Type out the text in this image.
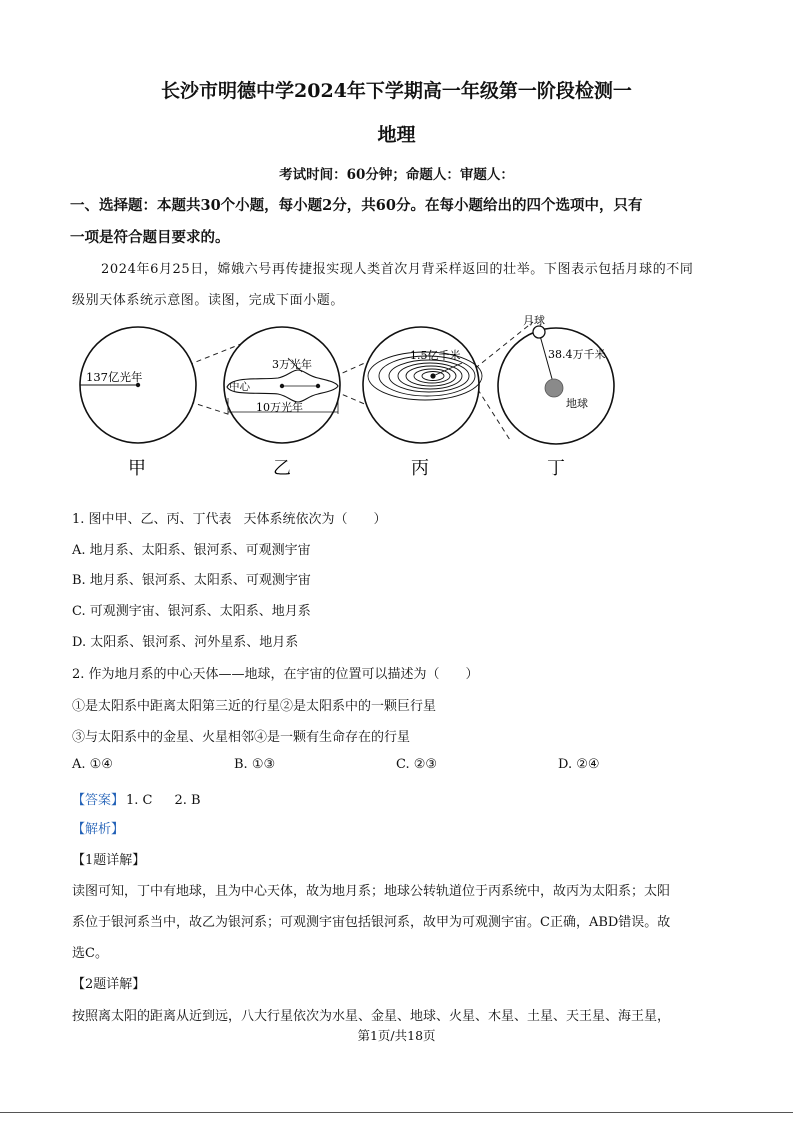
长沙市明德中学2024年下学期高一年级第一阶段检测一
地理
考试时间：60分钟；命题人：审题人：
一、选择题：本题共30个小题，每小题2分，共60分。在每小题给出的四个选项中，只有
一项是符合题目要求的。
2024年6月25日，嫦娥六号再传捷报实现人类首次月背采样返回的壮举。下图表示包括月球的不同
级别天体系统示意图。读图，完成下面小题。
137亿光年
3万光年
中心
10万光年
1.5亿千米
月球
38.4万千米
地球
甲	乙	丙	丁
1. 图中甲、乙、丙、丁代表 天体系统依次为（　　）
A. 地月系、太阳系、银河系、可观测宇宙
B. 地月系、银河系、太阳系、可观测宇宙
C. 可观测宇宙、银河系、太阳系、地月系
D. 太阳系、银河系、河外星系、地月系
2. 作为地月系的中心天体——地球，在宇宙的位置可以描述为（　　）
①是太阳系中距离太阳第三近的行星②是太阳系中的一颗巨行星
③与太阳系中的金星、火星相邻④是一颗有生命存在的行星
A. ①④	B. ①③	C. ②③	D. ②④
【答案】 1. C 2. B
【解析】
【1题详解】
读图可知，丁中有地球，且为中心天体，故为地月系；地球公转轨道位于丙系统中，故丙为太阳系；太阳
系位于银河系当中，故乙为银河系；可观测宇宙包括银河系，故甲为可观测宇宙。C正确，ABD错误。故
选C。
【2题详解】
按照离太阳的距离从近到远，八大行星依次为水星、金星、地球、火星、木星、土星、天王星、海王星，
第1页/共18页
